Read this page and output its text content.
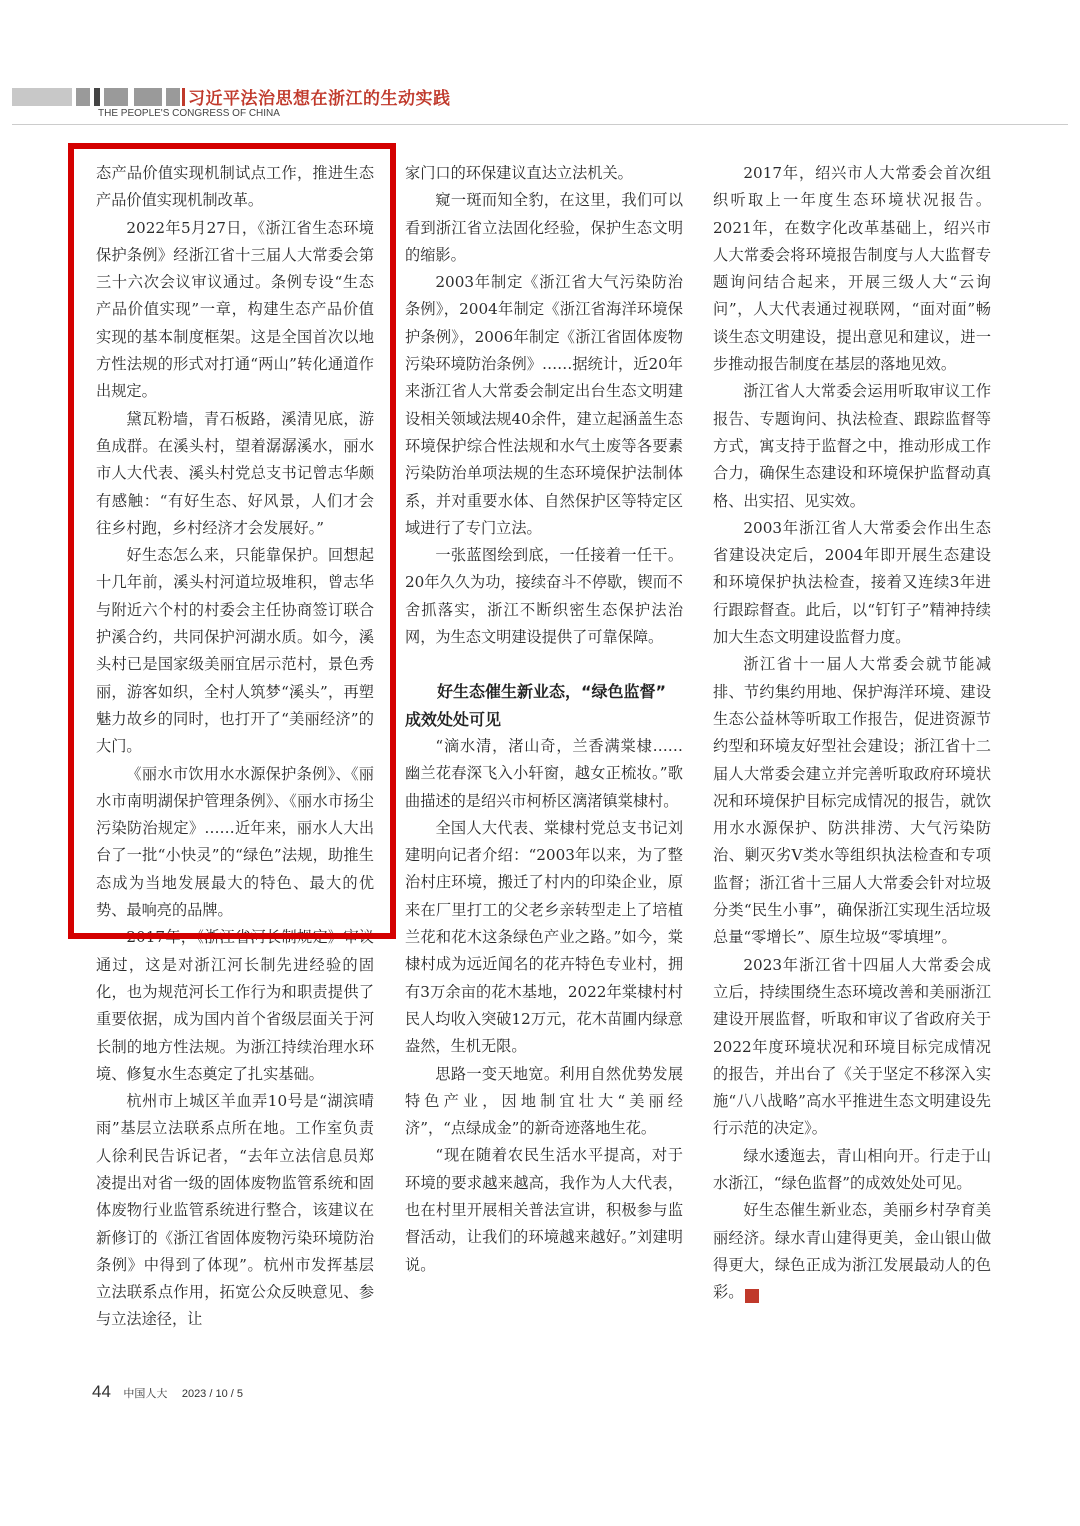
习近平法治思想在浙江的生动实践
THE PEOPLE'S CONGRESS OF CHINA

态产品价值实现机制试点工作，推进生态产品价值实现机制改革。

2022年5月27日，《浙江省生态环境保护条例》经浙江省十三届人大常委会第三十六次会议审议通过。条例专设“生态产品价值实现”一章，构建生态产品价值实现的基本制度框架。这是全国首次以地方性法规的形式对打通“两山”转化通道作出规定。

黛瓦粉墙，青石板路，溪清见底，游鱼成群。在溪头村，望着潺潺溪水，丽水市人大代表、溪头村党总支书记曾志华颇有感触：“有好生态、好风景，人们才会往乡村跑，乡村经济才会发展好。”

好生态怎么来，只能靠保护。回想起十几年前，溪头村河道垃圾堆积，曾志华与附近六个村的村委会主任协商签订联合护溪合约，共同保护河湖水质。如今，溪头村已是国家级美丽宜居示范村，景色秀丽，游客如织，全村人筑梦“溪头”，再塑魅力故乡的同时，也打开了“美丽经济”的大门。

《丽水市饮用水水源保护条例》、《丽水市南明湖保护管理条例》、《丽水市扬尘污染防治规定》……近年来，丽水人大出台了一批“小快灵”的“绿色”法规，助推生态成为当地发展最大的特色、最大的优势、最响亮的品牌。

2017年，《浙江省河长制规定》审议通过，这是对浙江河长制先进经验的固化，也为规范河长工作行为和职责提供了重要依据，成为国内首个省级层面关于河长制的地方性法规。为浙江持续治理水环境、修复水生态奠定了扎实基础。

杭州市上城区羊血弄10号是“湖滨晴雨”基层立法联系点所在地。工作室负责人徐利民告诉记者，“去年立法信息员郑凌提出对省一级的固体废物监管系统和固体废物行业监管系统进行整合，该建议在新修订的《浙江省固体废物污染环境防治条例》中得到了体现”。杭州市发挥基层立法联系点作用，拓宽公众反映意见、参与立法途径，让

家门口的环保建议直达立法机关。

窥一斑而知全豹，在这里，我们可以看到浙江省立法固化经验，保护生态文明的缩影。

2003年制定《浙江省大气污染防治条例》，2004年制定《浙江省海洋环境保护条例》，2006年制定《浙江省固体废物污染环境防治条例》……据统计，近20年来浙江省人大常委会制定出台生态文明建设相关领域法规40余件，建立起涵盖生态环境保护综合性法规和水气土废等各要素污染防治单项法规的生态环境保护法制体系，并对重要水体、自然保护区等特定区域进行了专门立法。

一张蓝图绘到底，一任接着一任干。20年久久为功，接续奋斗不停歇，锲而不舍抓落实，浙江不断织密生态保护法治网，为生态文明建设提供了可靠保障。

好生态催生新业态，“绿色监督”
成效处处可见

“滴水清，渚山奇，兰香满棠棣……幽兰花春深飞入小轩窗，越女正梳妆。”歌曲描述的是绍兴市柯桥区漓渚镇棠棣村。

全国人大代表、棠棣村党总支书记刘建明向记者介绍：“2003年以来，为了整治村庄环境，搬迁了村内的印染企业，原来在厂里打工的父老乡亲转型走上了培植兰花和花木这条绿色产业之路。”如今，棠棣村成为远近闻名的花卉特色专业村，拥有3万余亩的花木基地，2022年棠棣村村民人均收入突破12万元，花木苗圃内绿意盎然，生机无限。

思路一变天地宽。利用自然优势发展特色产业，因地制宜壮大“美丽经济”，“点绿成金”的新奇迹落地生花。

“现在随着农民生活水平提高，对于环境的要求越来越高，我作为人大代表，也在村里开展相关普法宣讲，积极参与监督活动，让我们的环境越来越好。”刘建明说。

2017年，绍兴市人大常委会首次组织听取上一年度生态环境状况报告。2021年，在数字化改革基础上，绍兴市人大常委会将环境报告制度与人大监督专题询问结合起来，开展三级人大“云询问”，人大代表通过视联网，“面对面”畅谈生态文明建设，提出意见和建议，进一步推动报告制度在基层的落地见效。

浙江省人大常委会运用听取审议工作报告、专题询问、执法检查、跟踪监督等方式，寓支持于监督之中，推动形成工作合力，确保生态建设和环境保护监督动真格、出实招、见实效。

2003年浙江省人大常委会作出生态省建设决定后，2004年即开展生态建设和环境保护执法检查，接着又连续3年进行跟踪督查。此后，以“钉钉子”精神持续加大生态文明建设监督力度。

浙江省十一届人大常委会就节能减排、节约集约用地、保护海洋环境、建设生态公益林等听取工作报告，促进资源节约型和环境友好型社会建设；浙江省十二届人大常委会建立并完善听取政府环境状况和环境保护目标完成情况的报告，就饮用水水源保护、防洪排涝、大气污染防治、剿灭劣V类水等组织执法检查和专项监督；浙江省十三届人大常委会针对垃圾分类“民生小事”，确保浙江实现生活垃圾总量“零增长”、原生垃圾“零填埋”。

2023年浙江省十四届人大常委会成立后，持续围绕生态环境改善和美丽浙江建设开展监督，听取和审议了省政府关于2022年度环境状况和环境目标完成情况的报告，并出台了《关于坚定不移深入实施“八八战略”高水平推进生态文明建设先行示范的决定》。

绿水逶迤去，青山相向开。行走于山水浙江，“绿色监督”的成效处处可见。

好生态催生新业态，美丽乡村孕育美丽经济。绿水青山建得更美，金山银山做得更大，绿色正成为浙江发展最动人的色彩。	★

44 中国人大 2023 / 10 / 5
